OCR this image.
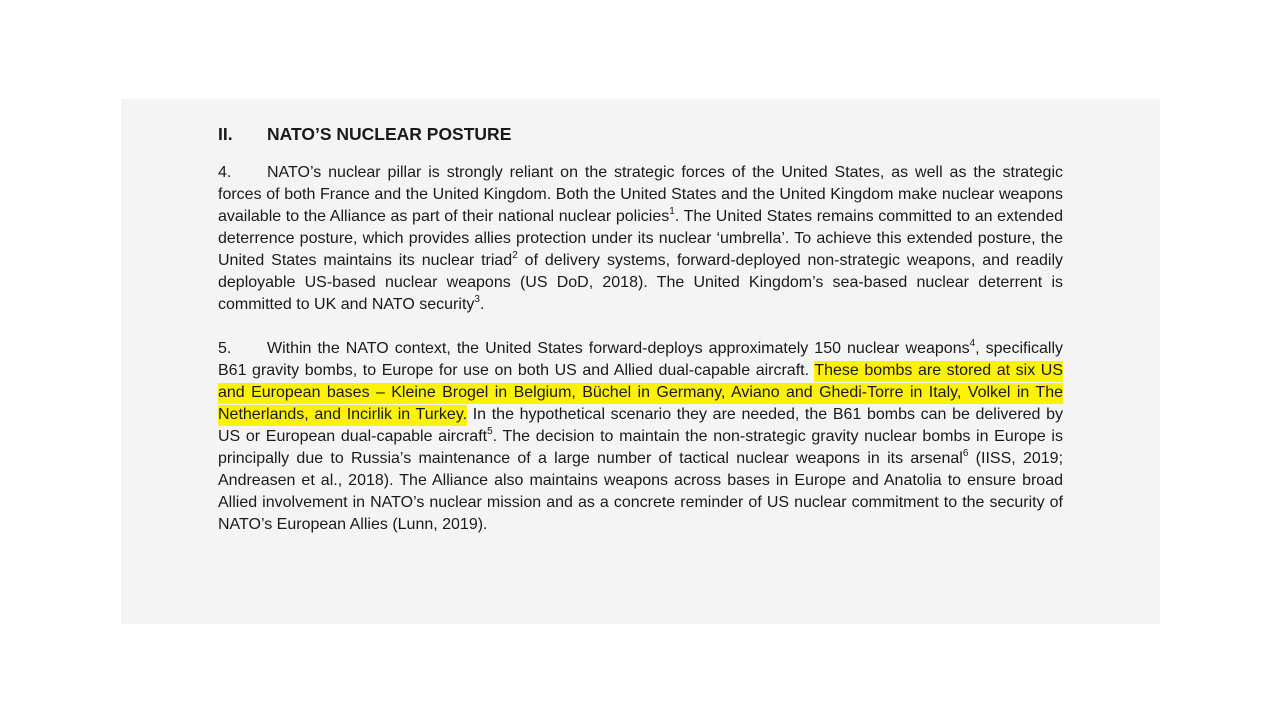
II. NATO’S NUCLEAR POSTURE

4. NATO’s nuclear pillar is strongly reliant on the strategic forces of the United States, as well as the strategic forces of both France and the United Kingdom. Both the United States and the United Kingdom make nuclear weapons available to the Alliance as part of their national nuclear policies$^1$. The United States remains committed to an extended deterrence posture, which provides allies protection under its nuclear ‘umbrella’. To achieve this extended posture, the United States maintains its nuclear triad$^2$ of delivery systems, forward-deployed non-strategic weapons, and readily deployable US-based nuclear weapons (US DoD, 2018). The United Kingdom’s sea-based nuclear deterrent is committed to UK and NATO security$^3$.

5. Within the NATO context, the United States forward-deploys approximately 150 nuclear weapons$^4$, specifically B61 gravity bombs, to Europe for use on both US and Allied dual-capable aircraft. These bombs are stored at six US and European bases – Kleine Brogel in Belgium, Büchel in Germany, Aviano and Ghedi-Torre in Italy, Volkel in The Netherlands, and Incirlik in Turkey. In the hypothetical scenario they are needed, the B61 bombs can be delivered by US or European dual-capable aircraft$^5$. The decision to maintain the non-strategic gravity nuclear bombs in Europe is principally due to Russia’s maintenance of a large number of tactical nuclear weapons in its arsenal$^6$ (IISS, 2019; Andreasen et al., 2018). The Alliance also maintains weapons across bases in Europe and Anatolia to ensure broad Allied involvement in NATO’s nuclear mission and as a concrete reminder of US nuclear commitment to the security of NATO’s European Allies (Lunn, 2019).
